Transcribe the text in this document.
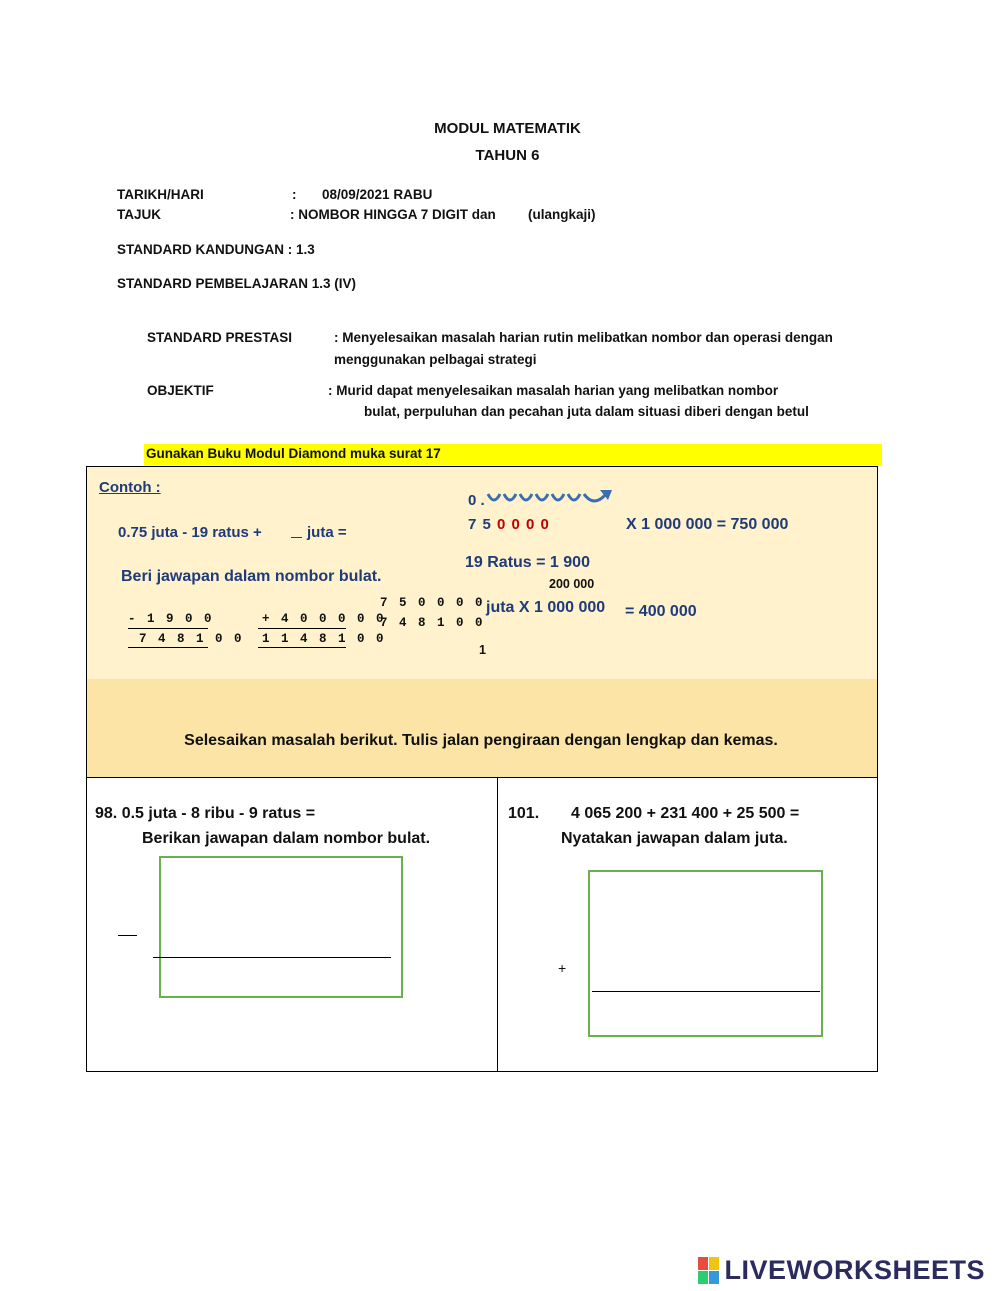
MODUL MATEMATIK
TAHUN 6
TARIKH/HARI	: 08/09/2021 RABU
TAJUK	: NOMBOR HINGGA 7 DIGIT dan (ulangkaji)
STANDARD KANDUNGAN : 1.3
STANDARD PEMBELAJARAN 1.3 (IV)
STANDARD PRESTASI	: Menyelesaikan masalah harian rutin melibatkan nombor dan operasi dengan
menggunakan pelbagai strategi
OBJEKTIF	: Murid dapat menyelesaikan masalah harian yang melibatkan nombor
bulat, perpuluhan dan pecahan juta dalam situasi diberi dengan betul
Gunakan Buku Modul Diamond muka surat 17
Contoh :
0.75 juta - 19 ratus +	juta =
Beri jawapan dalam nombor bulat.
0 .
7 5 0 0 0 0	X 1 000 000 = 750 000
19 Ratus = 1 900
200 000
juta X 1 000 000 = 400 000
7 5 0 0 0 0
- 1 9 0 0
7 4 8 1 0 0
7 4 8 1 0 0
+ 4 0 0 0 0 0
1 1 4 8 1 0 0
1
Selesaikan masalah berikut. Tulis jalan pengiraan dengan lengkap dan kemas.
98. 0.5 juta - 8 ribu - 9 ratus =
Berikan jawapan dalam nombor bulat.
101. 4 065 200 + 231 400 + 25 500 =
Nyatakan jawapan dalam juta.
+
LIVEWORKSHEETS
